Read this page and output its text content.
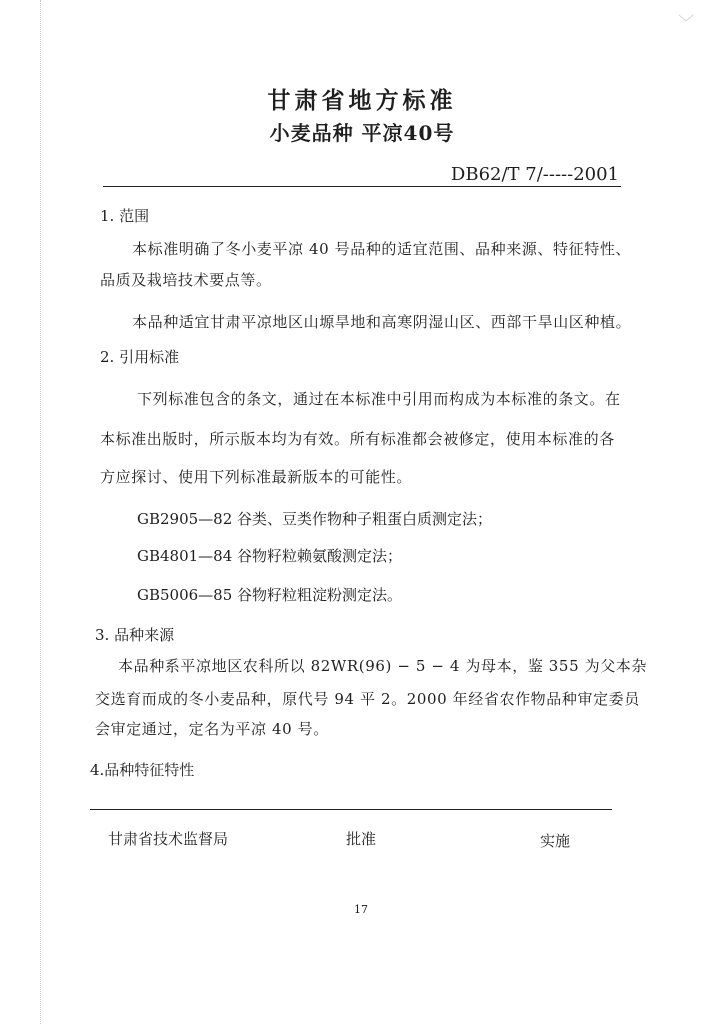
﹀
甘肃省地方标准
小麦品种 平凉40号
DB62/T 7/-----2001
1. 范围
本标准明确了冬小麦平凉 40 号品种的适宜范围、品种来源、特征特性、
品质及栽培技术要点等。
本品种适宜甘肃平凉地区山塬旱地和高寒阴湿山区、西部干旱山区种植。
2. 引用标准
下列标准包含的条文，通过在本标准中引用而构成为本标准的条文。在
本标准出版时，所示版本均为有效。所有标准都会被修定，使用本标准的各
方应探讨、使用下列标准最新版本的可能性。
GB2905—82 谷类、豆类作物种子粗蛋白质测定法；
GB4801—84 谷物籽粒赖氨酸测定法；
GB5006—85 谷物籽粒粗淀粉测定法。
3. 品种来源
本品种系平凉地区农科所以 82WR(96) − 5 − 4 为母本，鉴 355 为父本杂
交选育而成的冬小麦品种，原代号 94 平 2。2000 年经省农作物品种审定委员
会审定通过，定名为平凉 40 号。
4.品种特征特性
甘肃省技术监督局	批准	实施
17
